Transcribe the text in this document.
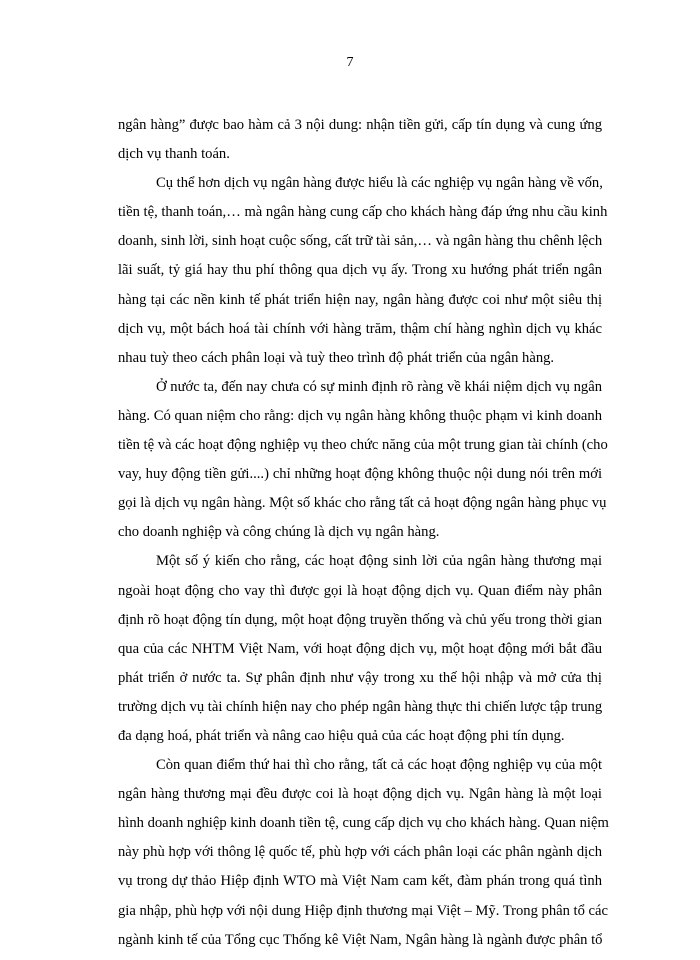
7

ngân hàng” được bao hàm cả 3 nội dung: nhận tiền gửi, cấp tín dụng và cung ứng
dịch vụ thanh toán.

Cụ thể hơn dịch vụ ngân hàng được hiểu là các nghiệp vụ ngân hàng về vốn,
tiền tệ, thanh toán,… mà ngân hàng cung cấp cho khách hàng đáp ứng nhu cầu kinh
doanh, sinh lời, sinh hoạt cuộc sống, cất trữ tài sản,… và ngân hàng thu chênh lệch
lãi suất, tỷ giá hay thu phí thông qua dịch vụ ấy. Trong xu hướng phát triển ngân
hàng tại các nền kinh tế phát triển hiện nay, ngân hàng được coi như một siêu thị
dịch vụ, một bách hoá tài chính với hàng trăm, thậm chí hàng nghìn dịch vụ khác
nhau tuỳ theo cách phân loại và tuỳ theo trình độ phát triển của ngân hàng.

Ở nước ta, đến nay chưa có sự minh định rõ ràng về khái niệm dịch vụ ngân
hàng. Có quan niệm cho rằng: dịch vụ ngân hàng không thuộc phạm vi kinh doanh
tiền tệ và các hoạt động nghiệp vụ theo chức năng của một trung gian tài chính (cho
vay, huy động tiền gửi....) chỉ những hoạt động không thuộc nội dung nói trên mới
gọi là dịch vụ ngân hàng. Một số khác cho rằng tất cả hoạt động ngân hàng phục vụ
cho doanh nghiệp và công chúng là dịch vụ ngân hàng.

Một số ý kiến cho rằng, các hoạt động sinh lời của ngân hàng thương mại
ngoài hoạt động cho vay thì được gọi là hoạt động dịch vụ. Quan điểm này phân
định rõ hoạt động tín dụng, một hoạt động truyền thống và chủ yếu trong thời gian
qua của các NHTM Việt Nam, với hoạt động dịch vụ, một hoạt động mới bắt đầu
phát triển ở nước ta. Sự phân định như vậy trong xu thế hội nhập và mở cửa thị
trường dịch vụ tài chính hiện nay cho phép ngân hàng thực thi chiến lược tập trung
đa dạng hoá, phát triển và nâng cao hiệu quả của các hoạt động phi tín dụng.

Còn quan điểm thứ hai thì cho rằng, tất cả các hoạt động nghiệp vụ của một
ngân hàng thương mại đều được coi là hoạt động dịch vụ. Ngân hàng là một loại
hình doanh nghiệp kinh doanh tiền tệ, cung cấp dịch vụ cho khách hàng. Quan niệm
này phù hợp với thông lệ quốc tế, phù hợp với cách phân loại các phân ngành dịch
vụ trong dự thảo Hiệp định WTO mà Việt Nam cam kết, đàm phán trong quá tình
gia nhập, phù hợp với nội dung Hiệp định thương mại Việt – Mỹ. Trong phân tổ các
ngành kinh tế của Tổng cục Thống kê Việt Nam, Ngân hàng là ngành được phân tổ
